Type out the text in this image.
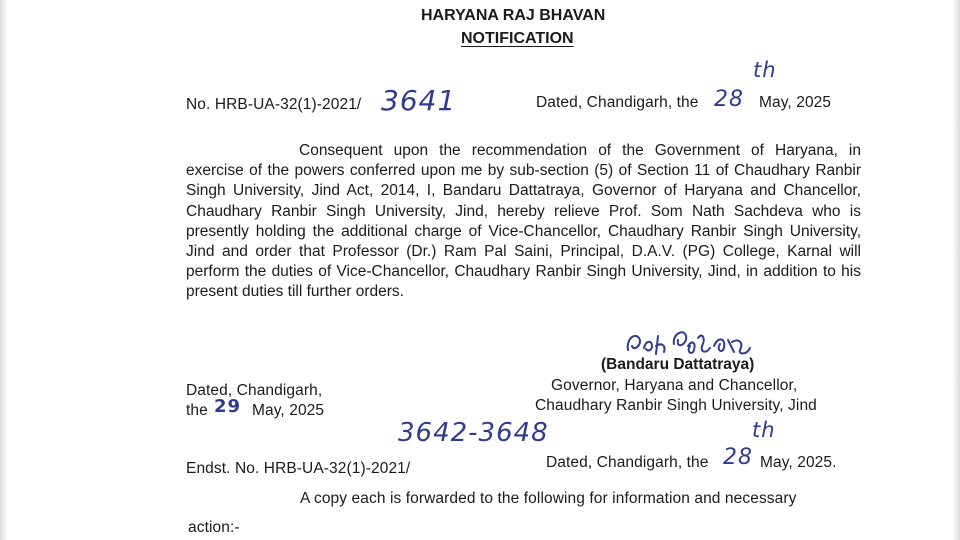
HARYANA RAJ BHAVAN
NOTIFICATION
No. HRB-UA-32(1)-2021/ 3641	Dated, Chandigarh, the
th
28 May, 2025
Consequent upon the recommendation of the Government of Haryana, in exercise of the powers conferred upon me by sub-section (5) of Section 11 of Chaudhary Ranbir Singh University, Jind Act, 2014, I, Bandaru Dattatraya, Governor of Haryana and Chancellor, Chaudhary Ranbir Singh University, Jind, hereby relieve Prof. Som Nath Sachdeva who is presently holding the additional charge of Vice-Chancellor, Chaudhary Ranbir Singh University, Jind and order that Professor (Dr.) Ram Pal Saini, Principal, D.A.V. (PG) College, Karnal will perform the duties of Vice-Chancellor, Chaudhary Ranbir Singh University, Jind, in addition to his present duties till further orders.
(Bandaru Dattatraya)
Governor, Haryana and Chancellor,
Chaudhary Ranbir Singh University, Jind
Dated, Chandigarh,
the 29 May, 2025
3642-3648
Endst. No. HRB-UA-32(1)-2021/	Dated, Chandigarh, the
th
28 May, 2025.
A copy each is forwarded to the following for information and necessary
action:-
